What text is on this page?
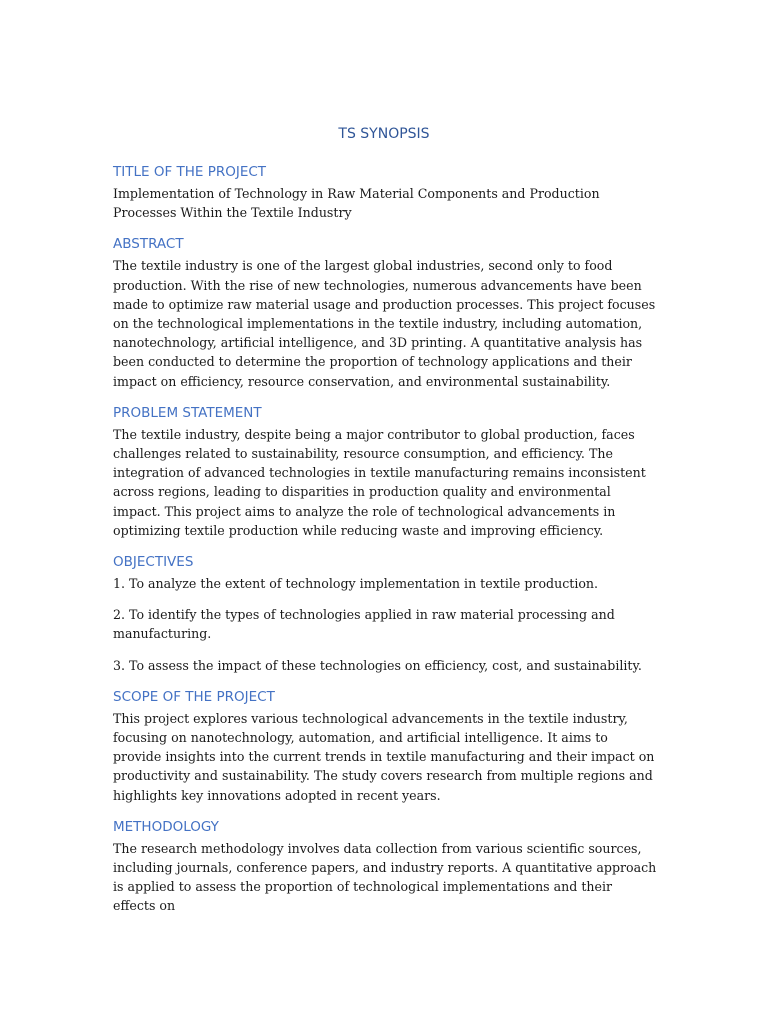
TS SYNOPSIS
TITLE OF THE PROJECT

Implementation of Technology in Raw Material Components and Production Processes Within the Textile Industry

ABSTRACT

The textile industry is one of the largest global industries, second only to food production. With the rise of new technologies, numerous advancements have been made to optimize raw material usage and production processes. This project focuses on the technological implementations in the textile industry, including automation, nanotechnology, artificial intelligence, and 3D printing. A quantitative analysis has been conducted to determine the proportion of technology applications and their impact on efficiency, resource conservation, and environmental sustainability.

PROBLEM STATEMENT

The textile industry, despite being a major contributor to global production, faces challenges related to sustainability, resource consumption, and efficiency. The integration of advanced technologies in textile manufacturing remains inconsistent across regions, leading to disparities in production quality and environmental impact. This project aims to analyze the role of technological advancements in optimizing textile production while reducing waste and improving efficiency.

OBJECTIVES

1. To analyze the extent of technology implementation in textile production.

2. To identify the types of technologies applied in raw material processing and manufacturing.

3. To assess the impact of these technologies on efficiency, cost, and sustainability.

SCOPE OF THE PROJECT

This project explores various technological advancements in the textile industry, focusing on nanotechnology, automation, and artificial intelligence. It aims to provide insights into the current trends in textile manufacturing and their impact on productivity and sustainability. The study covers research from multiple regions and highlights key innovations adopted in recent years.

METHODOLOGY

The research methodology involves data collection from various scientific sources, including journals, conference papers, and industry reports. A quantitative approach is applied to assess the proportion of technological implementations and their effects on
